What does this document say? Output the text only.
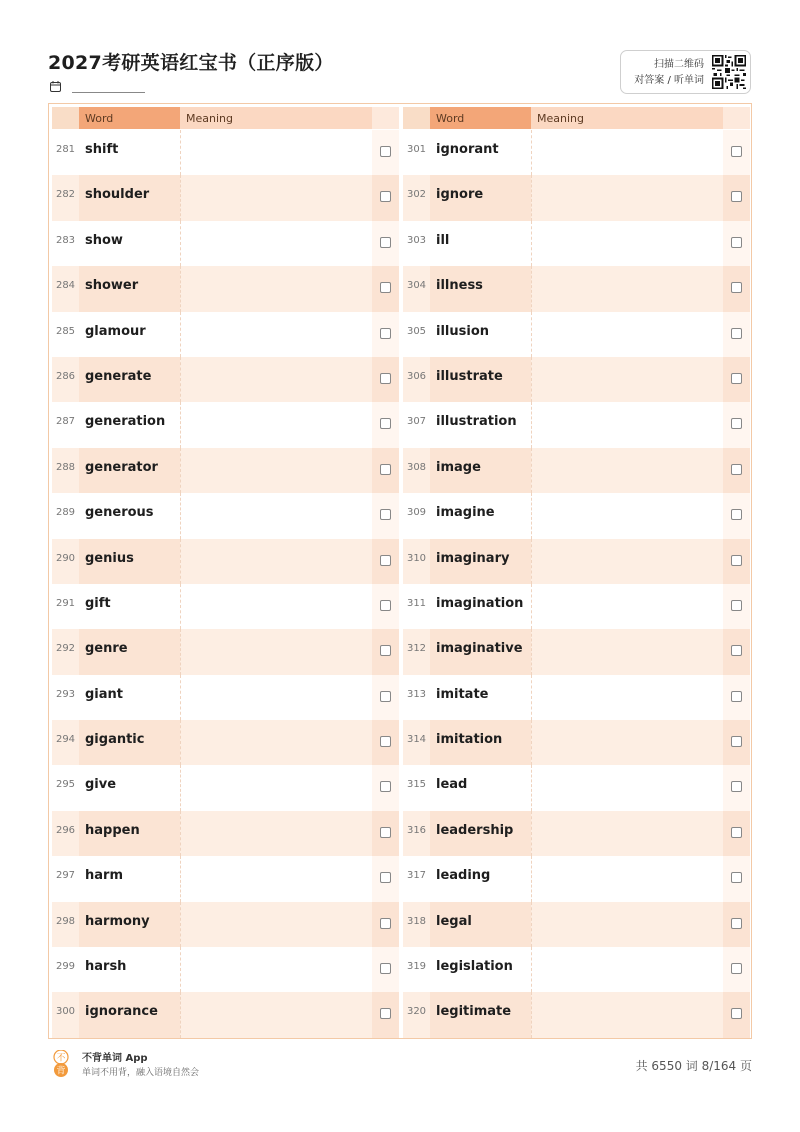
2027考研英语红宝书（正序版）	扫描二维码
对答案 / 听单词
Word	Meaning
281 shift
282 shoulder
283 show
284 shower
285 glamour
286 generate
287 generation
288 generator
289 generous
290 genius
291 gift
292 genre
293 giant
294 gigantic
295 give
296 happen
297 harm
298 harmony
299 harsh
300 ignorance
Word	Meaning
301 ignorant
302 ignore
303 ill
304 illness
305 illusion
306 illustrate
307 illustration
308 image
309 imagine
310 imaginary
311 imagination
312 imaginative
313 imitate
314 imitation
315 lead
316 leadership
317 leading
318 legal
319 legislation
320 legitimate
不
背
不背单词 App
单词不用背，融入语境自然会	共 6550 词 8/164 页
